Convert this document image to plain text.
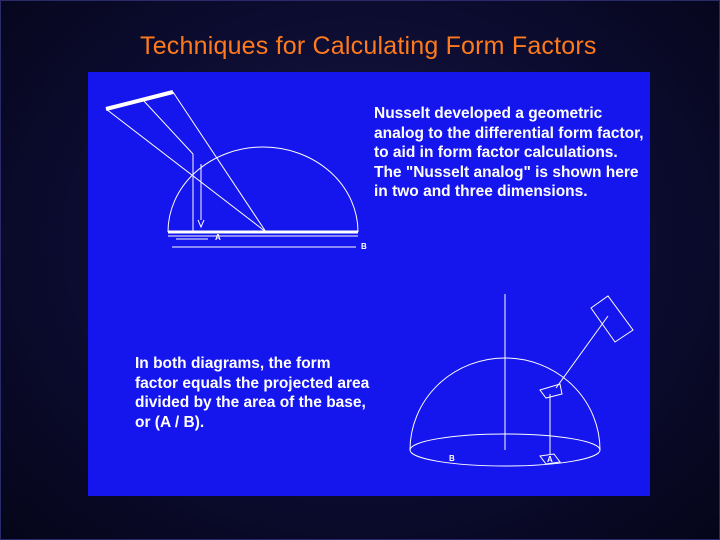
Techniques for Calculating Form Factors
A
B
B	A
Nusselt developed a geometric analog to the differential form factor, to aid in form factor calculations. The "Nusselt analog" is shown here in two and three dimensions.
In both diagrams, the form factor equals the projected area divided by the area of the base, or (A / B).
